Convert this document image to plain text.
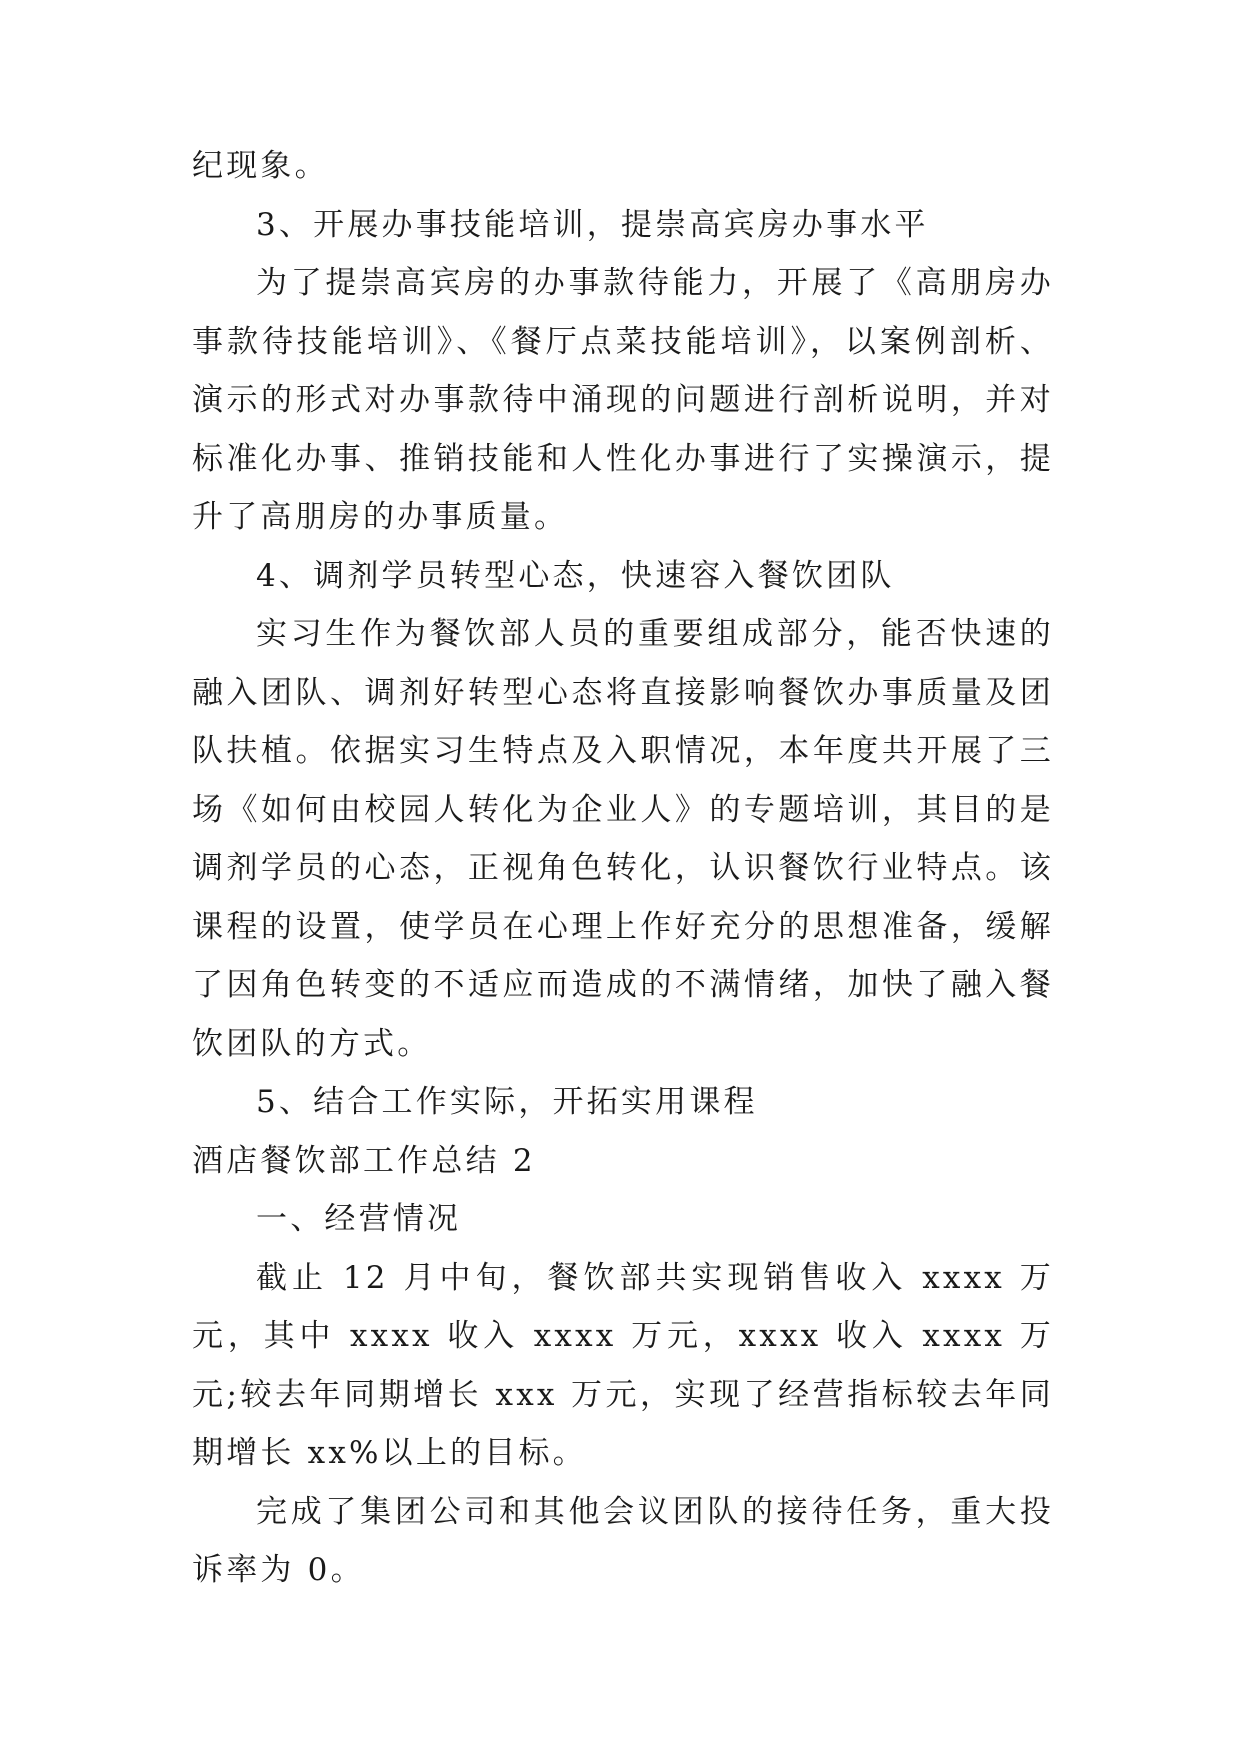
纪现象。

3、开展办事技能培训，提崇高宾房办事水平

为了提崇高宾房的办事款待能力，开展了《高朋房办事款待技能培训》、《餐厅点菜技能培训》，以案例剖析、演示的形式对办事款待中涌现的问题进行剖析说明，并对标准化办事、推销技能和人性化办事进行了实操演示，提升了高朋房的办事质量。

4、调剂学员转型心态，快速容入餐饮团队

实习生作为餐饮部人员的重要组成部分，能否快速的融入团队、调剂好转型心态将直接影响餐饮办事质量及团队扶植。依据实习生特点及入职情况，本年度共开展了三场《如何由校园人转化为企业人》的专题培训，其目的是调剂学员的心态，正视角色转化，认识餐饮行业特点。该课程的设置，使学员在心理上作好充分的思想准备，缓解了因角色转变的不适应而造成的不满情绪，加快了融入餐饮团队的方式。

5、结合工作实际，开拓实用课程

酒店餐饮部工作总结 2

一、经营情况

截止 12 月中旬，餐饮部共实现销售收入 xxxx 万元，其中 xxxx 收入 xxxx 万元，xxxx 收入 xxxx 万元;较去年同期增长 xxx 万元，实现了经营指标较去年同期增长 xx%以上的目标。

完成了集团公司和其他会议团队的接待任务，重大投诉率为 0。
